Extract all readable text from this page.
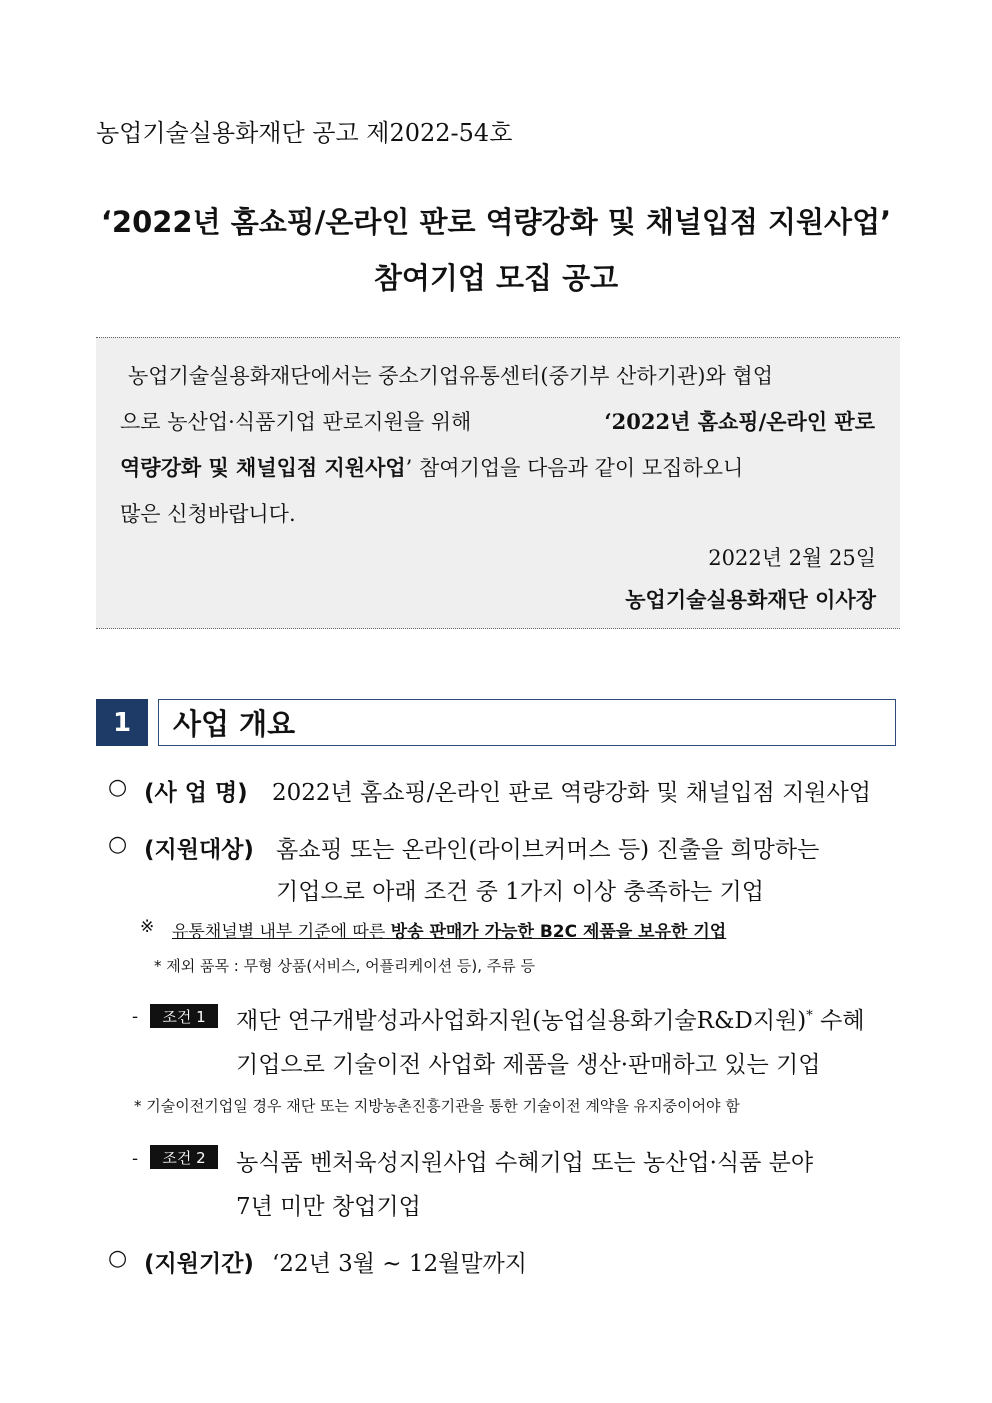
농업기술실용화재단 공고 제2022-54호
‘2022년 홈쇼핑/온라인 판로 역량강화 및 채널입점 지원사업’
참여기업 모집 공고
농업기술실용화재단에서는 중소기업유통센터(중기부 산하기관)와 협업
으로 농산업·식품기업 판로지원을 위해	‘2022년 홈쇼핑/온라인 판로
역량강화 및 채널입점 지원사업’ 참여기업을 다음과 같이 모집하오니
많은 신청바랍니다.
2022년 2월 25일
농업기술실용화재단 이사장
1	사업 개요
○ (사 업 명) 2022년 홈쇼핑/온라인 판로 역량강화 및 채널입점 지원사업
○ (지원대상) 홈쇼핑 또는 온라인(라이브커머스 등) 진출을 희망하는
기업으로 아래 조건 중 1가지 이상 충족하는 기업
※ 유통채널별 내부 기준에 따른 방송 판매가 가능한 B2C 제품을 보유한 기업
* 제외 품목 : 무형 상품(서비스, 어플리케이션 등), 주류 등
-	조건 1	재단 연구개발성과사업화지원(농업실용화기술R&D지원)* 수혜
기업으로 기술이전 사업화 제품을 생산·판매하고 있는 기업
* 기술이전기업일 경우 재단 또는 지방농촌진흥기관을 통한 기술이전 계약을 유지중이어야 함
-	조건 2	농식품 벤처육성지원사업 수혜기업 또는 농산업·식품 분야
7년 미만 창업기업
○ (지원기간) ‘22년 3월 ~ 12월말까지
